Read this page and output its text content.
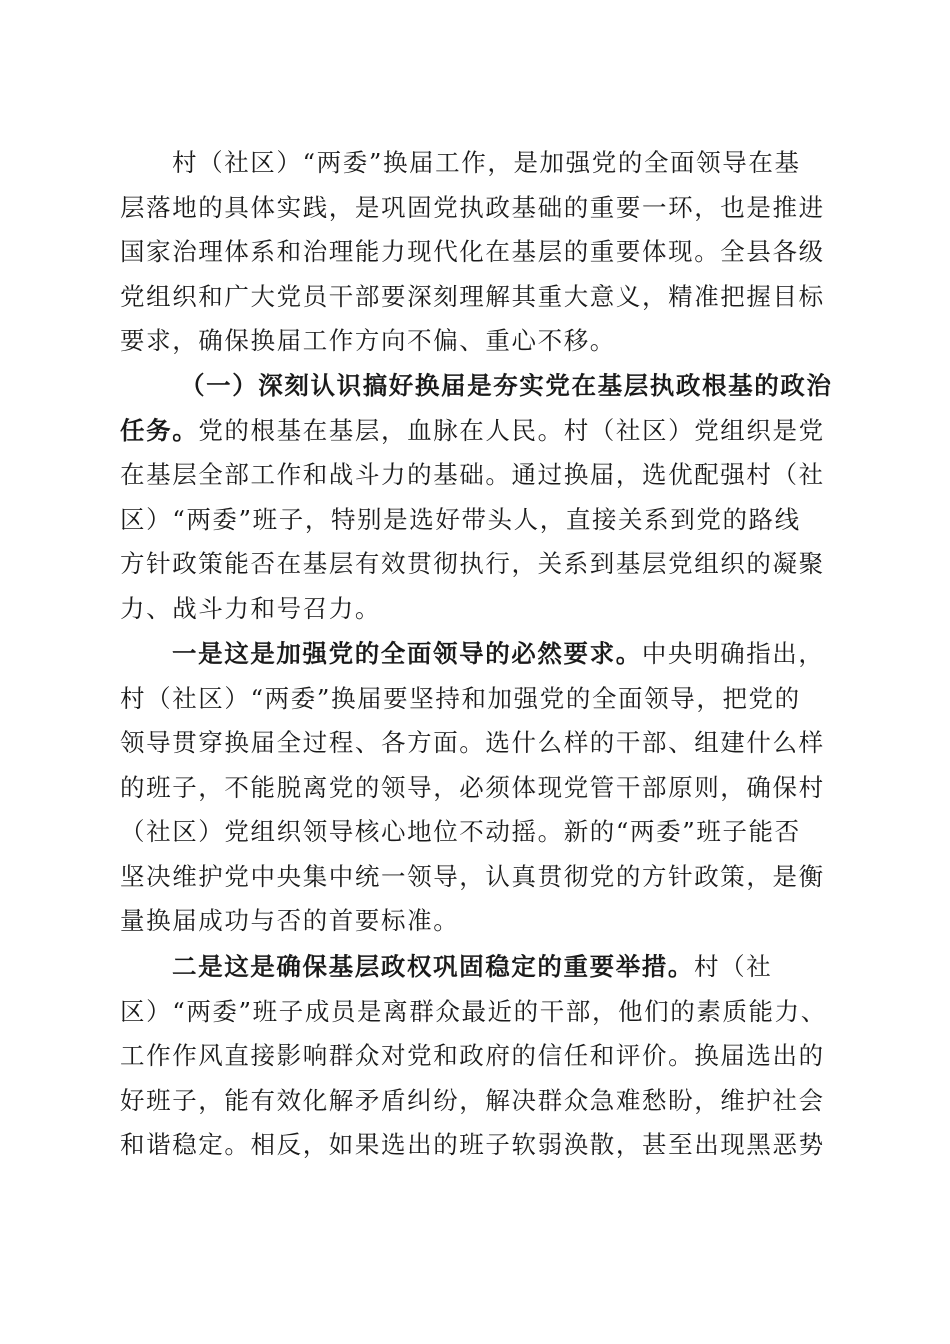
村（社区）“两委”换届工作，是加强党的全面领导在基
层落地的具体实践，是巩固党执政基础的重要一环，也是推进
国家治理体系和治理能力现代化在基层的重要体现。全县各级
党组织和广大党员干部要深刻理解其重大意义，精准把握目标
要求，确保换届工作方向不偏、重心不移。
（一）深刻认识搞好换届是夯实党在基层执政根基的政治
任务。党的根基在基层，血脉在人民。村（社区）党组织是党
在基层全部工作和战斗力的基础。通过换届，选优配强村（社
区）“两委”班子，特别是选好带头人，直接关系到党的路线
方针政策能否在基层有效贯彻执行，关系到基层党组织的凝聚
力、战斗力和号召力。
一是这是加强党的全面领导的必然要求。中央明确指出，
村（社区）“两委”换届要坚持和加强党的全面领导，把党的
领导贯穿换届全过程、各方面。选什么样的干部、组建什么样
的班子，不能脱离党的领导，必须体现党管干部原则，确保村
（社区）党组织领导核心地位不动摇。新的“两委”班子能否
坚决维护党中央集中统一领导，认真贯彻党的方针政策，是衡
量换届成功与否的首要标准。
二是这是确保基层政权巩固稳定的重要举措。村（社
区）“两委”班子成员是离群众最近的干部，他们的素质能力、
工作作风直接影响群众对党和政府的信任和评价。换届选出的
好班子，能有效化解矛盾纠纷，解决群众急难愁盼，维护社会
和谐稳定。相反，如果选出的班子软弱涣散，甚至出现黑恶势
